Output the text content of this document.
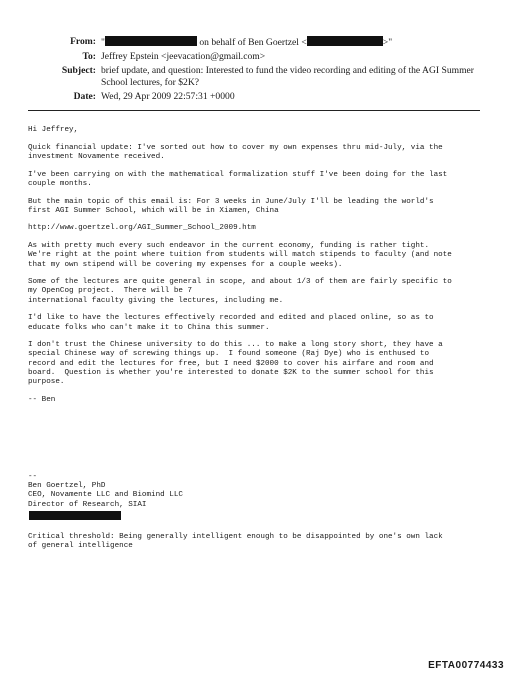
From: "	on behalf of Ben Goertzel <	>"
To: Jeffrey Epstein <jeevacation@gmail.com>
Subject: brief update, and question: Interested to fund the video recording and editing of the AGI Summer
School lectures, for $2K?
Date: Wed, 29 Apr 2009 22:57:31 +0000

Hi Jeffrey,

Quick financial update: I've sorted out how to cover my own expenses thru mid-July, via the
investment Novamente received.

I've been carrying on with the mathematical formalization stuff I've been doing for the last
couple months.

But the main topic of this email is: For 3 weeks in June/July I'll be leading the world's
first AGI Summer School, which will be in Xiamen, China

http://www.goertzel.org/AGI_Summer_School_2009.htm

As with pretty much every such endeavor in the current economy, funding is rather tight.
We're right at the point where tuition from students will match stipends to faculty (and note
that my own stipend will be covering my expenses for a couple weeks).

Some of the lectures are quite general in scope, and about 1/3 of them are fairly specific to
my OpenCog project.  There will be 7
international faculty giving the lectures, including me.

I'd like to have the lectures effectively recorded and edited and placed online, so as to
educate folks who can't make it to China this summer.

I don't trust the Chinese university to do this ... to make a long story short, they have a
special Chinese way of screwing things up.  I found someone (Raj Dye) who is enthused to
record and edit the lectures for free, but I need $2000 to cover his airfare and room and
board.  Question is whether you're interested to donate $2K to the summer school for this
purpose.

-- Ben

--
Ben Goertzel, PhD
CEO, Novamente LLC and Biomind LLC
Director of Research, SIAI
Critical threshold: Being generally intelligent enough to be disappointed by one's own lack
of general intelligence
EFTA00774433
